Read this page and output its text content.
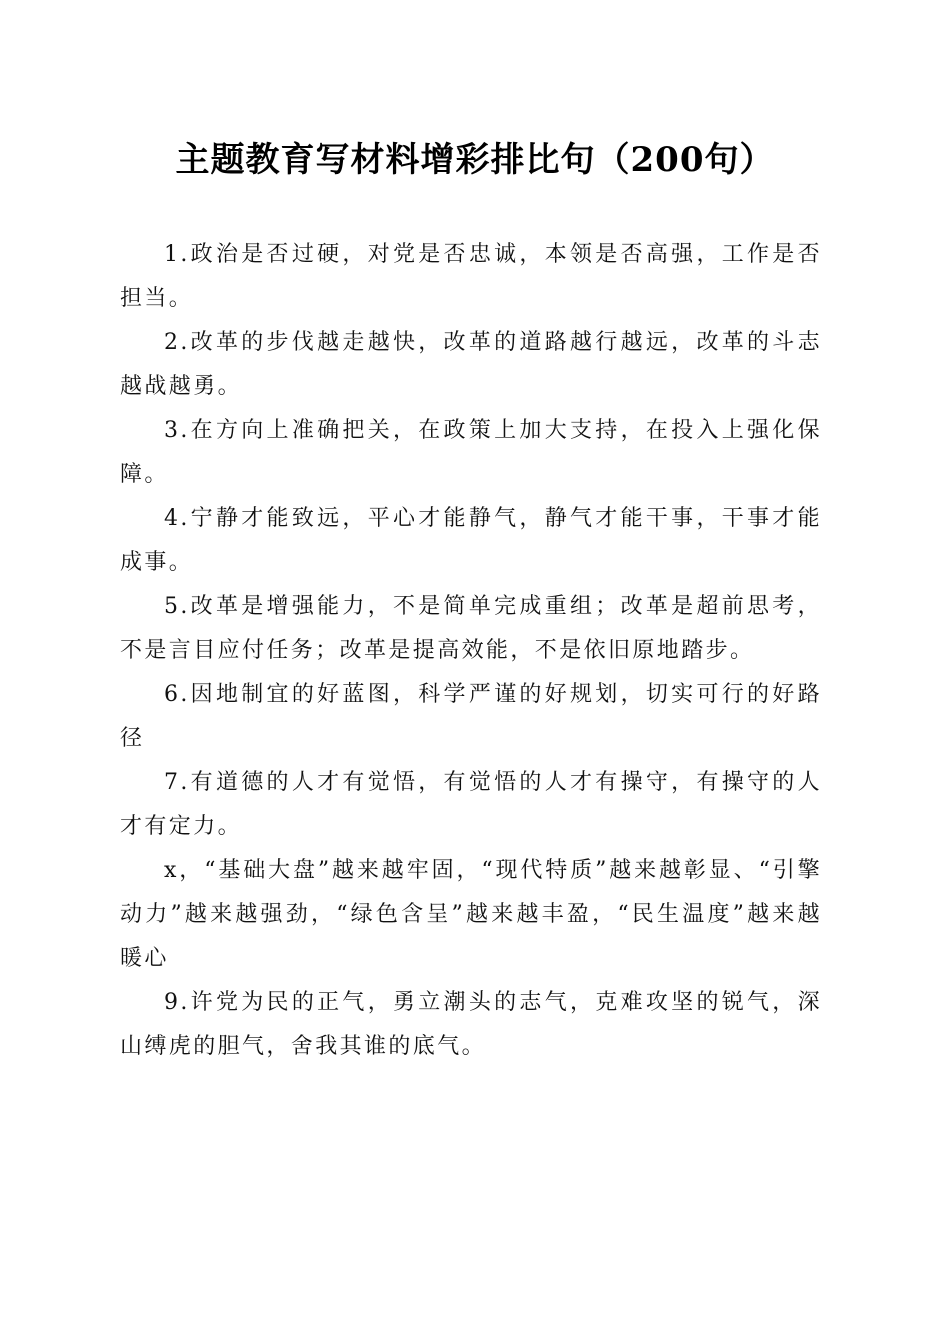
主题教育写材料增彩排比句（200句）

1.政治是否过硬，对党是否忠诚，本领是否高强，工作是否担当。

2.改革的步伐越走越快，改革的道路越行越远，改革的斗志越战越勇。

3.在方向上准确把关，在政策上加大支持，在投入上强化保障。

4.宁静才能致远，平心才能静气，静气才能干事，干事才能成事。

5.改革是增强能力，不是简单完成重组；改革是超前思考，不是言目应付任务；改革是提高效能，不是依旧原地踏步。

6.因地制宜的好蓝图，科学严谨的好规划，切实可行的好路径

7.有道德的人才有觉悟，有觉悟的人才有操守，有操守的人才有定力。

x，“基础大盘”越来越牢固，“现代特质”越来越彰显、“引擎动力”越来越强劲，“绿色含呈”越来越丰盈，“民生温度”越来越暖心

9.许党为民的正气，勇立潮头的志气，克难攻坚的锐气，深山缚虎的胆气，舍我其谁的底气。
